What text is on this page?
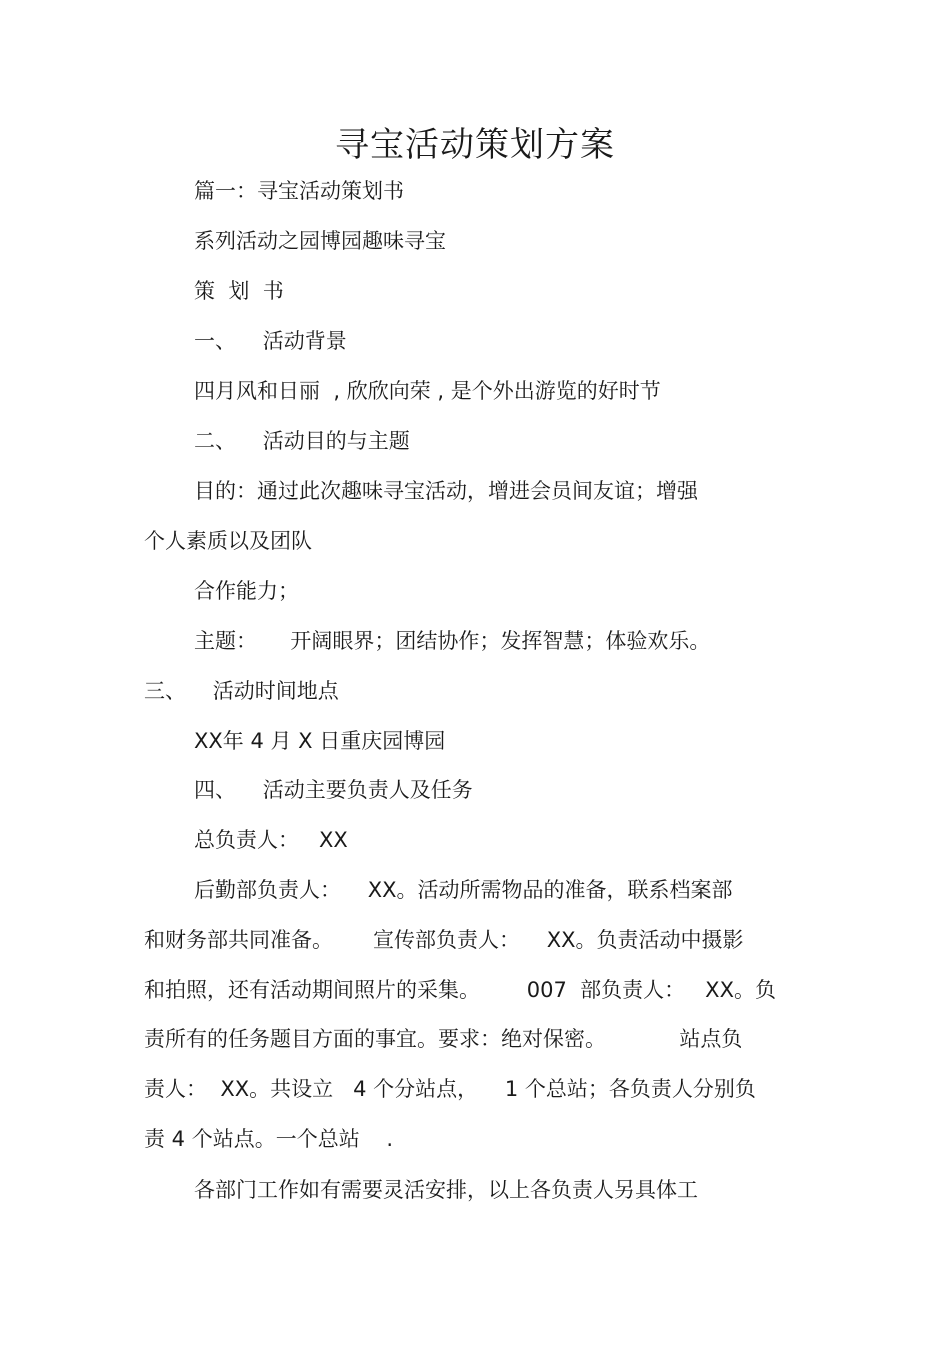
寻宝活动策划方案
篇一：寻宝活动策划书
系列活动之园博园趣味寻宝
策  划  书
一、    活动背景
四月风和日丽  , 欣欣向荣 , 是个外出游览的好时节
二、    活动目的与主题
目的：通过此次趣味寻宝活动，增进会员间友谊；增强
个人素质以及团队
合作能力；
主题：     开阔眼界；团结协作；发挥智慧；体验欢乐。
三、    活动时间地点
XX年 4 月 X 日重庆园博园
四、    活动主要负责人及任务
总负责人：   XX
后勤部负责人：    XX。活动所需物品的准备，联系档案部
和财务部共同准备。      宣传部负责人：    XX。负责活动中摄影
和拍照，还有活动期间照片的采集。       007  部负责人：   XX。负
责所有的任务题目方面的事宜。要求：绝对保密。           站点负
责人：  XX。共设立   4 个分站点，    1 个总站；各负责人分别负
责 4 个站点。一个总站    .
各部门工作如有需要灵活安排，以上各负责人另具体工
